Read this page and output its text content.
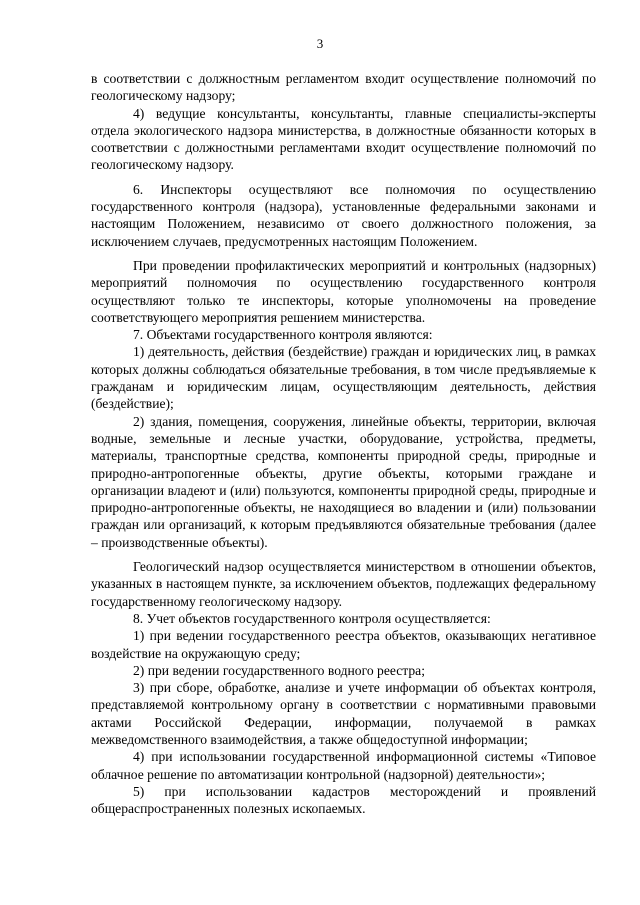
3

в соответствии с должностным регламентом входит осуществление полномочий по геологическому надзору;

4) ведущие консультанты, консультанты, главные специалисты-эксперты отдела экологического надзора министерства, в должностные обязанности которых в соответствии с должностными регламентами входит осуществление полномочий по геологическому надзору.

6. Инспекторы осуществляют все полномочия по осуществлению государственного контроля (надзора), установленные федеральными законами и настоящим Положением, независимо от своего должностного положения, за исключением случаев, предусмотренных настоящим Положением.

При проведении профилактических мероприятий и контрольных (надзорных) мероприятий полномочия по осуществлению государственного контроля осуществляют только те инспекторы, которые уполномочены на проведение соответствующего мероприятия решением министерства.

7. Объектами государственного контроля являются:

1) деятельность, действия (бездействие) граждан и юридических лиц, в рамках которых должны соблюдаться обязательные требования, в том числе предъявляемые к гражданам и юридическим лицам, осуществляющим деятельность, действия (бездействие);

2) здания, помещения, сооружения, линейные объекты, территории, включая водные, земельные и лесные участки, оборудование, устройства, предметы, материалы, транспортные средства, компоненты природной среды, природные и природно-антропогенные объекты, другие объекты, которыми граждане и организации владеют и (или) пользуются, компоненты природной среды, природные и природно-антропогенные объекты, не находящиеся во владении и (или) пользовании граждан или организаций, к которым предъявляются обязательные требования (далее – производственные объекты).

Геологический надзор осуществляется министерством в отношении объектов, указанных в настоящем пункте, за исключением объектов, подлежащих федеральному государственному геологическому надзору.

8. Учет объектов государственного контроля осуществляется:

1) при ведении государственного реестра объектов, оказывающих негативное воздействие на окружающую среду;

2) при ведении государственного водного реестра;

3) при сборе, обработке, анализе и учете информации об объектах контроля, представляемой контрольному органу в соответствии с нормативными правовыми актами Российской Федерации, информации, получаемой в рамках межведомственного взаимодействия, а также общедоступной информации;

4) при использовании государственной информационной системы «Типовое облачное решение по автоматизации контрольной (надзорной) деятельности»;

5) при использовании кадастров месторождений и проявлений общераспространенных полезных ископаемых.
